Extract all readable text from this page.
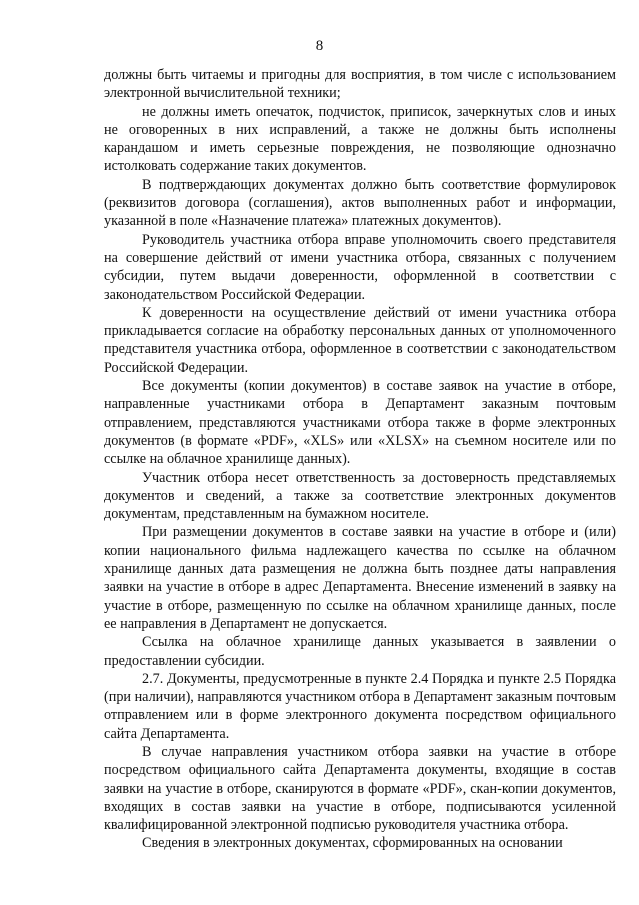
8

должны быть читаемы и пригодны для восприятия, в том числе с использованием электронной вычислительной техники;

не должны иметь опечаток, подчисток, приписок, зачеркнутых слов и иных не оговоренных в них исправлений, а также не должны быть исполнены карандашом и иметь серьезные повреждения, не позволяющие однозначно истолковать содержание таких документов.

В подтверждающих документах должно быть соответствие формулировок (реквизитов договора (соглашения), актов выполненных работ и информации, указанной в поле «Назначение платежа» платежных документов).

Руководитель участника отбора вправе уполномочить своего представителя на совершение действий от имени участника отбора, связанных с получением субсидии, путем выдачи доверенности, оформленной в соответствии с законодательством Российской Федерации.

К доверенности на осуществление действий от имени участника отбора прикладывается согласие на обработку персональных данных от уполномоченного представителя участника отбора, оформленное в соответствии с законодательством Российской Федерации.

Все документы (копии документов) в составе заявок на участие в отборе, направленные участниками отбора в Департамент заказным почтовым отправлением, представляются участниками отбора также в форме электронных документов (в формате «PDF», «XLS» или «XLSX» на съемном носителе или по ссылке на облачное хранилище данных).

Участник отбора несет ответственность за достоверность представляемых документов и сведений, а также за соответствие электронных документов документам, представленным на бумажном носителе.

При размещении документов в составе заявки на участие в отборе и (или) копии национального фильма надлежащего качества по ссылке на облачном хранилище данных дата размещения не должна быть позднее даты направления заявки на участие в отборе в адрес Департамента. Внесение изменений в заявку на участие в отборе, размещенную по ссылке на облачном хранилище данных, после ее направления в Департамент не допускается.

Ссылка на облачное хранилище данных указывается в заявлении о предоставлении субсидии.

2.7. Документы, предусмотренные в пункте 2.4 Порядка и пункте 2.5 Порядка (при наличии), направляются участником отбора в Департамент заказным почтовым отправлением или в форме электронного документа посредством официального сайта Департамента.

В случае направления участником отбора заявки на участие в отборе посредством официального сайта Департамента документы, входящие в состав заявки на участие в отборе, сканируются в формате «PDF», скан-копии документов, входящих в состав заявки на участие в отборе, подписываются усиленной квалифицированной электронной подписью руководителя участника отбора.

Сведения в электронных документах, сформированных на основании
